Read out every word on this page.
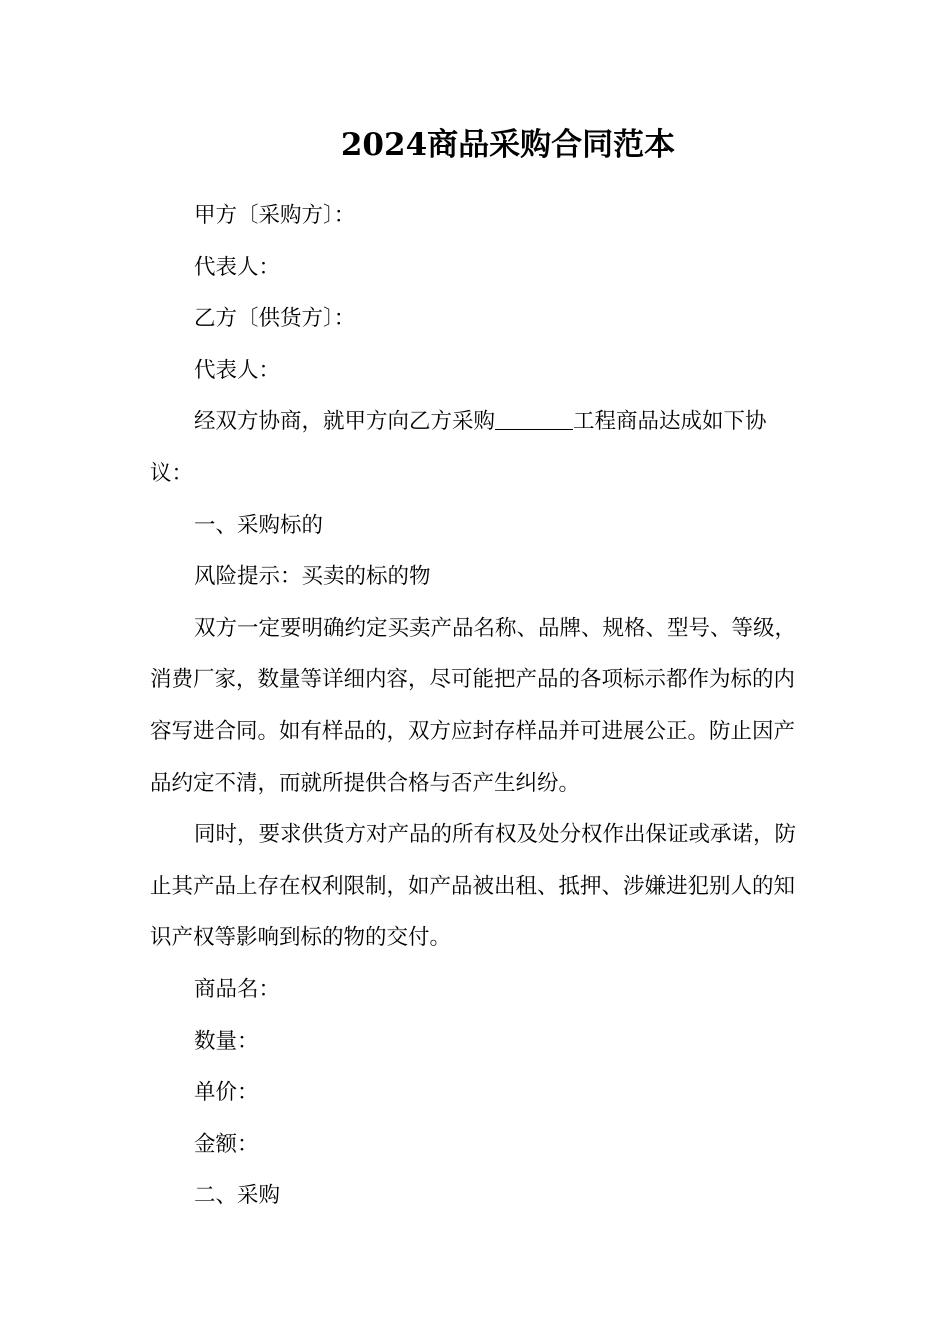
2024商品采购合同范本

甲方〔采购方〕：

代表人：

乙方〔供货方〕：

代表人：

经双方协商，就甲方向乙方采购	工程商品达成如下协议：

一、采购标的

风险提示：买卖的标的物

双方一定要明确约定买卖产品名称、品牌、规格、型号、等级，消费厂家，数量等详细内容，尽可能把产品的各项标示都作为标的内容写进合同。如有样品的，双方应封存样品并可进展公正。防止因产品约定不清，而就所提供合格与否产生纠纷。

同时，要求供货方对产品的所有权及处分权作出保证或承诺，防止其产品上存在权利限制，如产品被出租、抵押、涉嫌进犯别人的知识产权等影响到标的物的交付。

商品名：

数量：

单价：

金额：

二、采购
